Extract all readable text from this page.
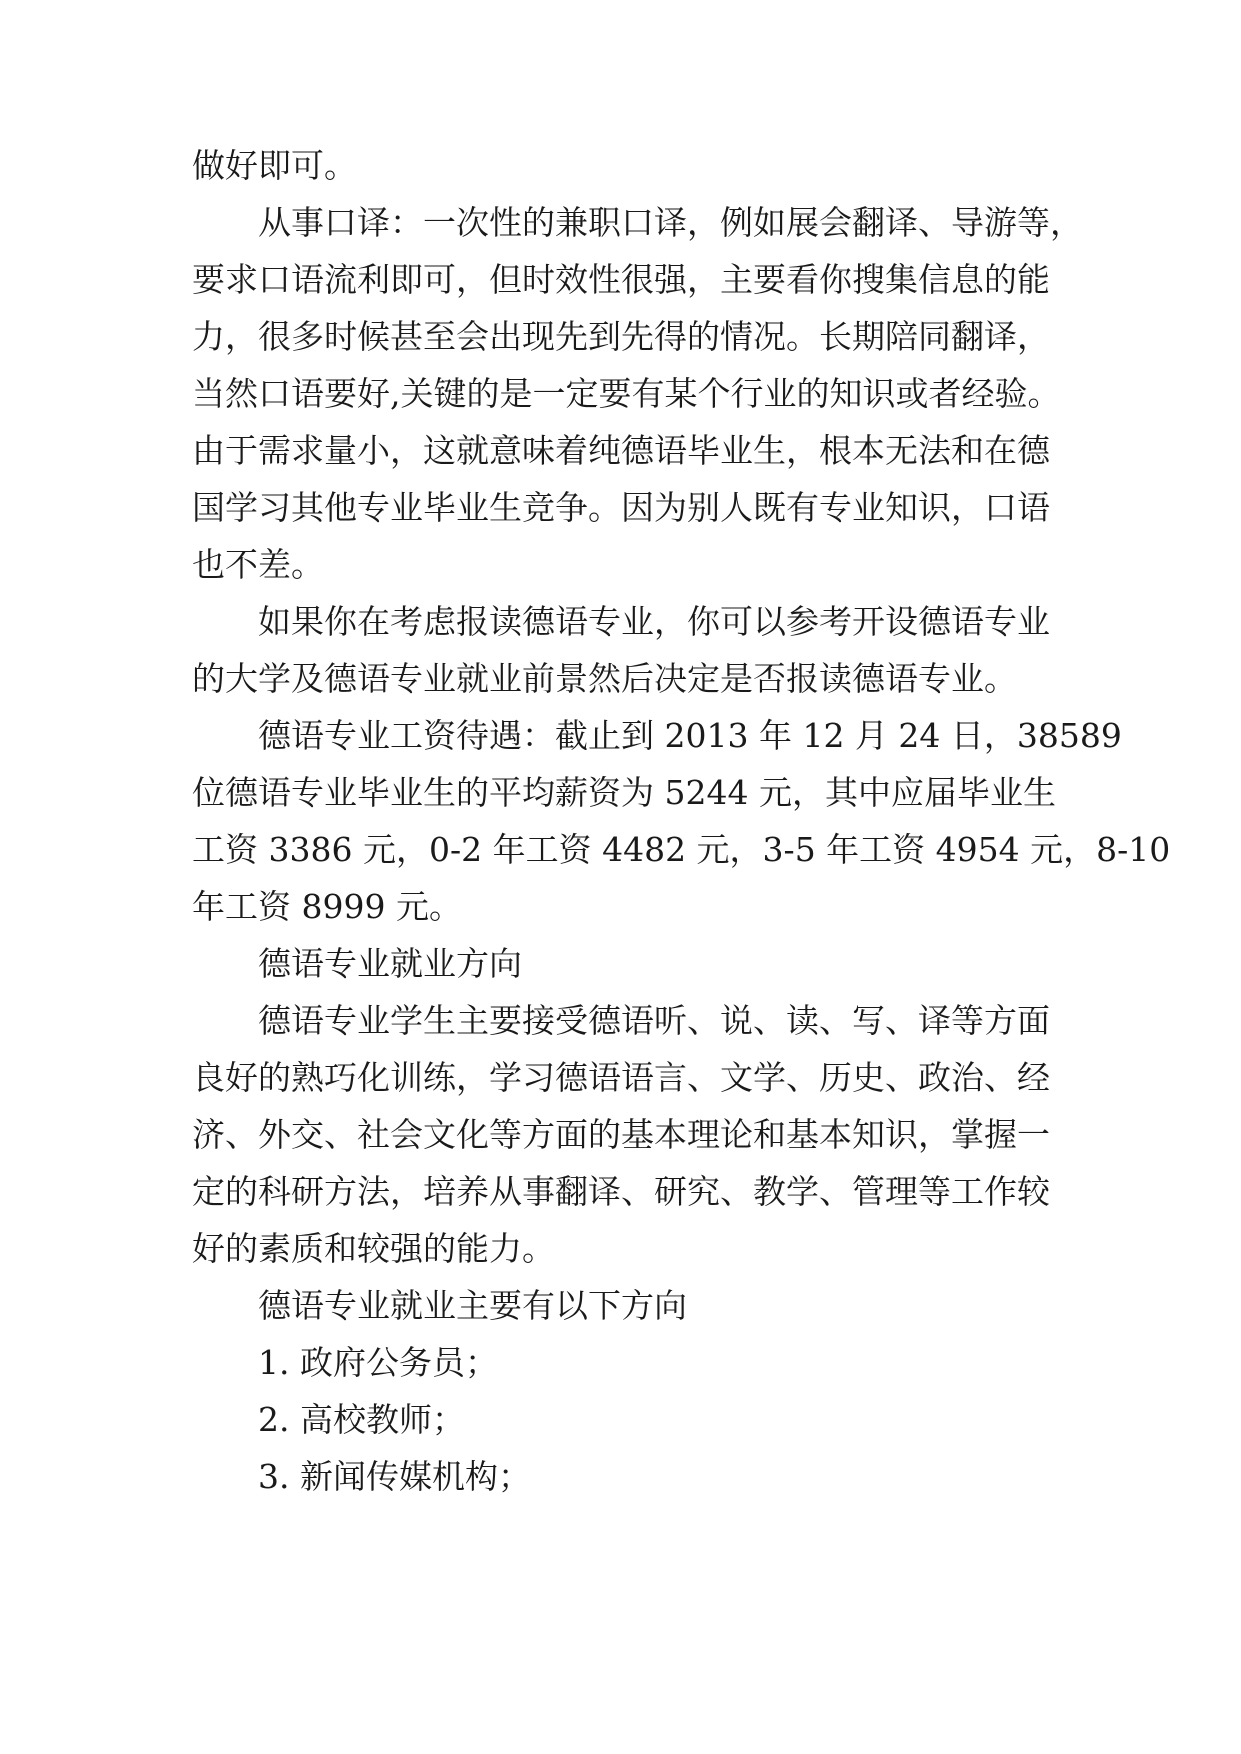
做好即可。
从事口译：一次性的兼职口译，例如展会翻译、导游等，
要求口语流利即可，但时效性很强，主要看你搜集信息的能
力，很多时候甚至会出现先到先得的情况。长期陪同翻译，
当然口语要好,关键的是一定要有某个行业的知识或者经验。
由于需求量小，这就意味着纯德语毕业生，根本无法和在德
国学习其他专业毕业生竞争。因为别人既有专业知识，口语
也不差。
如果你在考虑报读德语专业，你可以参考开设德语专业
的大学及德语专业就业前景然后决定是否报读德语专业。
德语专业工资待遇：截止到 2013 年 12 月 24 日，38589
位德语专业毕业生的平均薪资为 5244 元，其中应届毕业生
工资 3386 元，0-2 年工资 4482 元，3-5 年工资 4954 元，8-10
年工资 8999 元。
德语专业就业方向
德语专业学生主要接受德语听、说、读、写、译等方面
良好的熟巧化训练，学习德语语言、文学、历史、政治、经
济、外交、社会文化等方面的基本理论和基本知识，掌握一
定的科研方法，培养从事翻译、研究、教学、管理等工作较
好的素质和较强的能力。
德语专业就业主要有以下方向
1. 政府公务员；
2. 高校教师；
3. 新闻传媒机构；
